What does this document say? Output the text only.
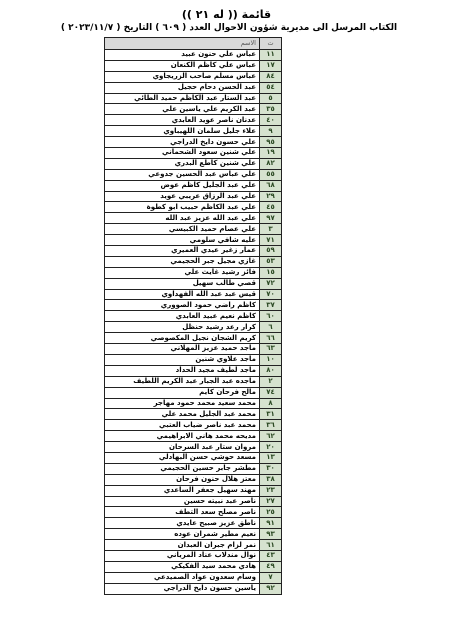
قائمة (( له ٢١ ))
الكتاب المرسل الى مديرية شؤون الاحوال العدد ( ٦٠٩ ) التاريخ ( ٢٠٢٣/١١/٧ )
ت	الاسم
١١	عباس علي حنون عبيد
١٧	عباس علي كاظم الكنعان
٨٤	عباس مسلم صاحب الزريجاوي
٥٤	عبد الحسن دحام حجيل
٥	عبد الستار عبد الكاظم حميد الطائي
٣٥	عبد الكريم علي ياسين علي
٤٠	عدنان ناصر عويد العابدي
٩	علاء جليل سلمان اللهيباوي
٩٥	علي حسون دايخ الدراجي
١٩	علي شنين سعود الشحماني
٨٢	علي شنين كاطع البدري
٥٥	علي عباس عبد الحسين جدوعي
٦٨	علي عبد الجليل كاظم عوض
٢٩	علي عبد الرزاق عريبي عويد
٤٥	علي عبد الكاظم حبيب ابو كطوة
٩٧	علي عبد الله عزيز عبد الله
٣	علي عصام حميد الكبيسي
٧١	عليه شافي سلومي
٥٩	عمار زغير عيدي العميري
٥٣	غازي مجيل جبر الحجيمي
١٥	فائز رشيد غايث علي
٧٢	قصي طالب سهيل
٧٠	قيس عبد عبد الله الفهداوي
٣٧	كاظم راضي حمود الصووري
٦٠	كاظم نعيم عبيد العابدي
٦	كرار رعد رشيد حنظل
٦٦	كريم الشجان نجيل المكصوصي
٦٣	ماجد حميد عزيز المهلاني
١٠	ماجد علاوي شنين
٨٠	ماجد لطيف مجيد الحداد
٢	ماجده عبد الجبار عبد الكريم اللطيف
٧٤	مالح فرحان كايم
٨	محمد سعيد محمد حمود مهاجر
٣١	محمد عبد الجليل محمد علي
٣٦	محمد عبد ناصر ضياب العتبي
٦٢	مديحه محمد هاني الابراهيمي
٢٠	مروان ستار عبد السرحان
١٣	مسعد حوشي حسن البهادلي
٣٠	مطشر جابر حسين الحجيمي
٣٨	معتز هلال حنون فرحان
٢٣	مهند سهيل جعفر الساعدي
٢٧	ناصر عبد نبيته حسين
٢٥	ناصر مصلح سعد التطف
٩١	ناطق عزيز صبيح عايدي
٩٣	نعيم مطير شمران عوده
٦١	نمر لزام جبران العبدان
٤٣	نوال مندلاب عناد المرياني
٤٩	هادي محمد سيد الفكيكي
٧	وسام سعدون عواد الصميدعي
٩٢	ياسين حسون دايخ الدراجي
